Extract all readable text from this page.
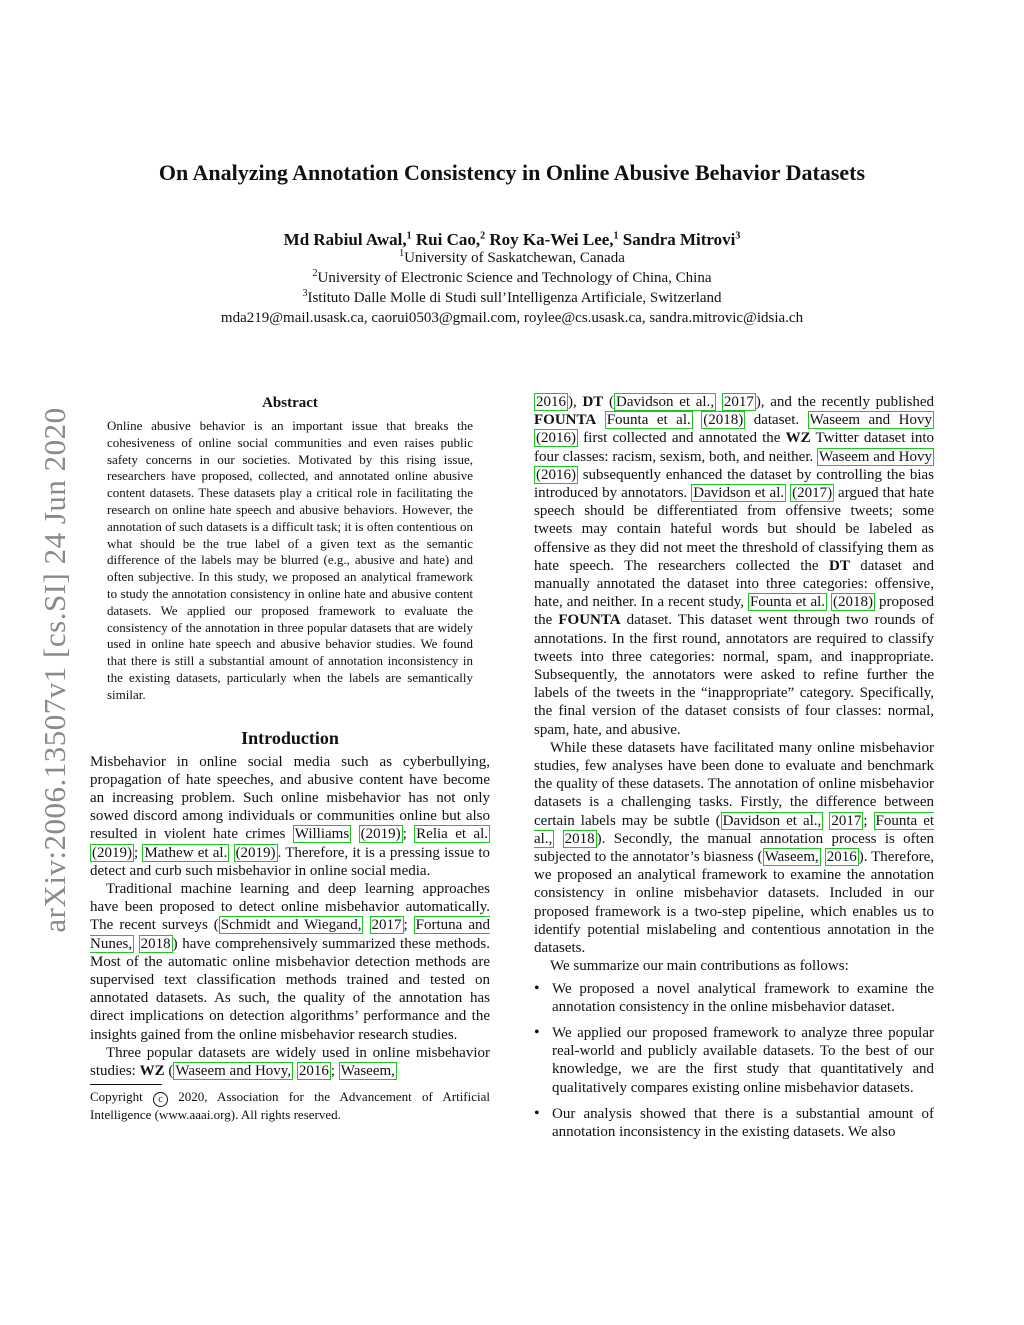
arXiv:2006.13507v1 [cs.SI] 24 Jun 2020
On Analyzing Annotation Consistency in Online Abusive Behavior Datasets
Md Rabiul Awal,$^1$ Rui Cao,$^2$ Roy Ka-Wei Lee,$^1$ Sandra Mitrovi$^3$
$^1$University of Saskatchewan, Canada
$^2$University of Electronic Science and Technology of China, China
$^3$Istituto Dalle Molle di Studi sull’Intelligenza Artificiale, Switzerland
mda219@mail.usask.ca, caorui0503@gmail.com, roylee@cs.usask.ca, sandra.mitrovic@idsia.ch
Abstract

Online abusive behavior is an important issue that breaks the cohesiveness of online social communities and even raises public safety concerns in our societies. Motivated by this rising issue, researchers have proposed, collected, and annotated online abusive content datasets. These datasets play a critical role in facilitating the research on online hate speech and abusive behaviors. However, the annotation of such datasets is a difficult task; it is often contentious on what should be the true label of a given text as the semantic difference of the labels may be blurred (e.g., abusive and hate) and often subjective. In this study, we proposed an analytical framework to study the annotation consistency in online hate and abusive content datasets. We applied our proposed framework to evaluate the consistency of the annotation in three popular datasets that are widely used in online hate speech and abusive behavior studies. We found that there is still a substantial amount of annotation inconsistency in the existing datasets, particularly when the labels are semantically similar.

Introduction

Misbehavior in online social media such as cyberbullying, propagation of hate speeches, and abusive content have become an increasing problem. Such online misbehavior has not only sowed discord among individuals or communities online but also resulted in violent hate crimes Williams (2019) ; Relia et al. (2019) ; Mathew et al. (2019) . Therefore, it is a pressing issue to detect and curb such misbehavior in online social media.

Traditional machine learning and deep learning approaches have been proposed to detect online misbehavior automatically. The recent surveys ( Schmidt and Wiegand, 2017 ; Fortuna and Nunes, 2018 ) have comprehensively summarized these methods. Most of the automatic online misbehavior detection methods are supervised text classification methods trained and tested on annotated datasets. As such, the quality of the annotation has direct implications on detection algorithms’ performance and the insights gained from the online misbehavior research studies.

Three popular datasets are widely used in online misbehavior studies: WZ ( Waseem and Hovy, 2016 ; Waseem,

Copyright c 2020, Association for the Advancement of Artificial Intelligence (www.aaai.org). All rights reserved.

2016 ), DT ( Davidson et al., 2017 ), and the recently published FOUNTA Founta et al. (2018) dataset. Waseem and Hovy (2016) first collected and annotated the WZ Twitter dataset into four classes: racism, sexism, both, and neither. Waseem and Hovy (2016) subsequently enhanced the dataset by controlling the bias introduced by annotators. Davidson et al. (2017) argued that hate speech should be differentiated from offensive tweets; some tweets may contain hateful words but should be labeled as offensive as they did not meet the threshold of classifying them as hate speech. The researchers collected the DT dataset and manually annotated the dataset into three categories: offensive, hate, and neither. In a recent study, Founta et al. (2018) proposed the FOUNTA dataset. This dataset went through two rounds of annotations. In the first round, annotators are required to classify tweets into three categories: normal, spam, and inappropriate. Subsequently, the annotators were asked to refine further the labels of the tweets in the “inappropriate” category. Specifically, the final version of the dataset consists of four classes: normal, spam, hate, and abusive.

While these datasets have facilitated many online misbehavior studies, few analyses have been done to evaluate and benchmark the quality of these datasets. The annotation of online misbehavior datasets is a challenging tasks. Firstly, the difference between certain labels may be subtle ( Davidson et al., 2017 ; Founta et al., 2018 ). Secondly, the manual annotation process is often subjected to the annotator’s biasness ( Waseem, 2016 ). Therefore, we proposed an analytical framework to examine the annotation consistency in online misbehavior datasets. Included in our proposed framework is a two-step pipeline, which enables us to identify potential mislabeling and contentious annotation in the datasets.

We summarize our main contributions as follows:

• We proposed a novel analytical framework to examine the annotation consistency in the online misbehavior dataset.
• We applied our proposed framework to analyze three popular real-world and publicly available datasets. To the best of our knowledge, we are the first study that quantitatively and qualitatively compares existing online misbehavior datasets.
• Our analysis showed that there is a substantial amount of annotation inconsistency in the existing datasets. We also
